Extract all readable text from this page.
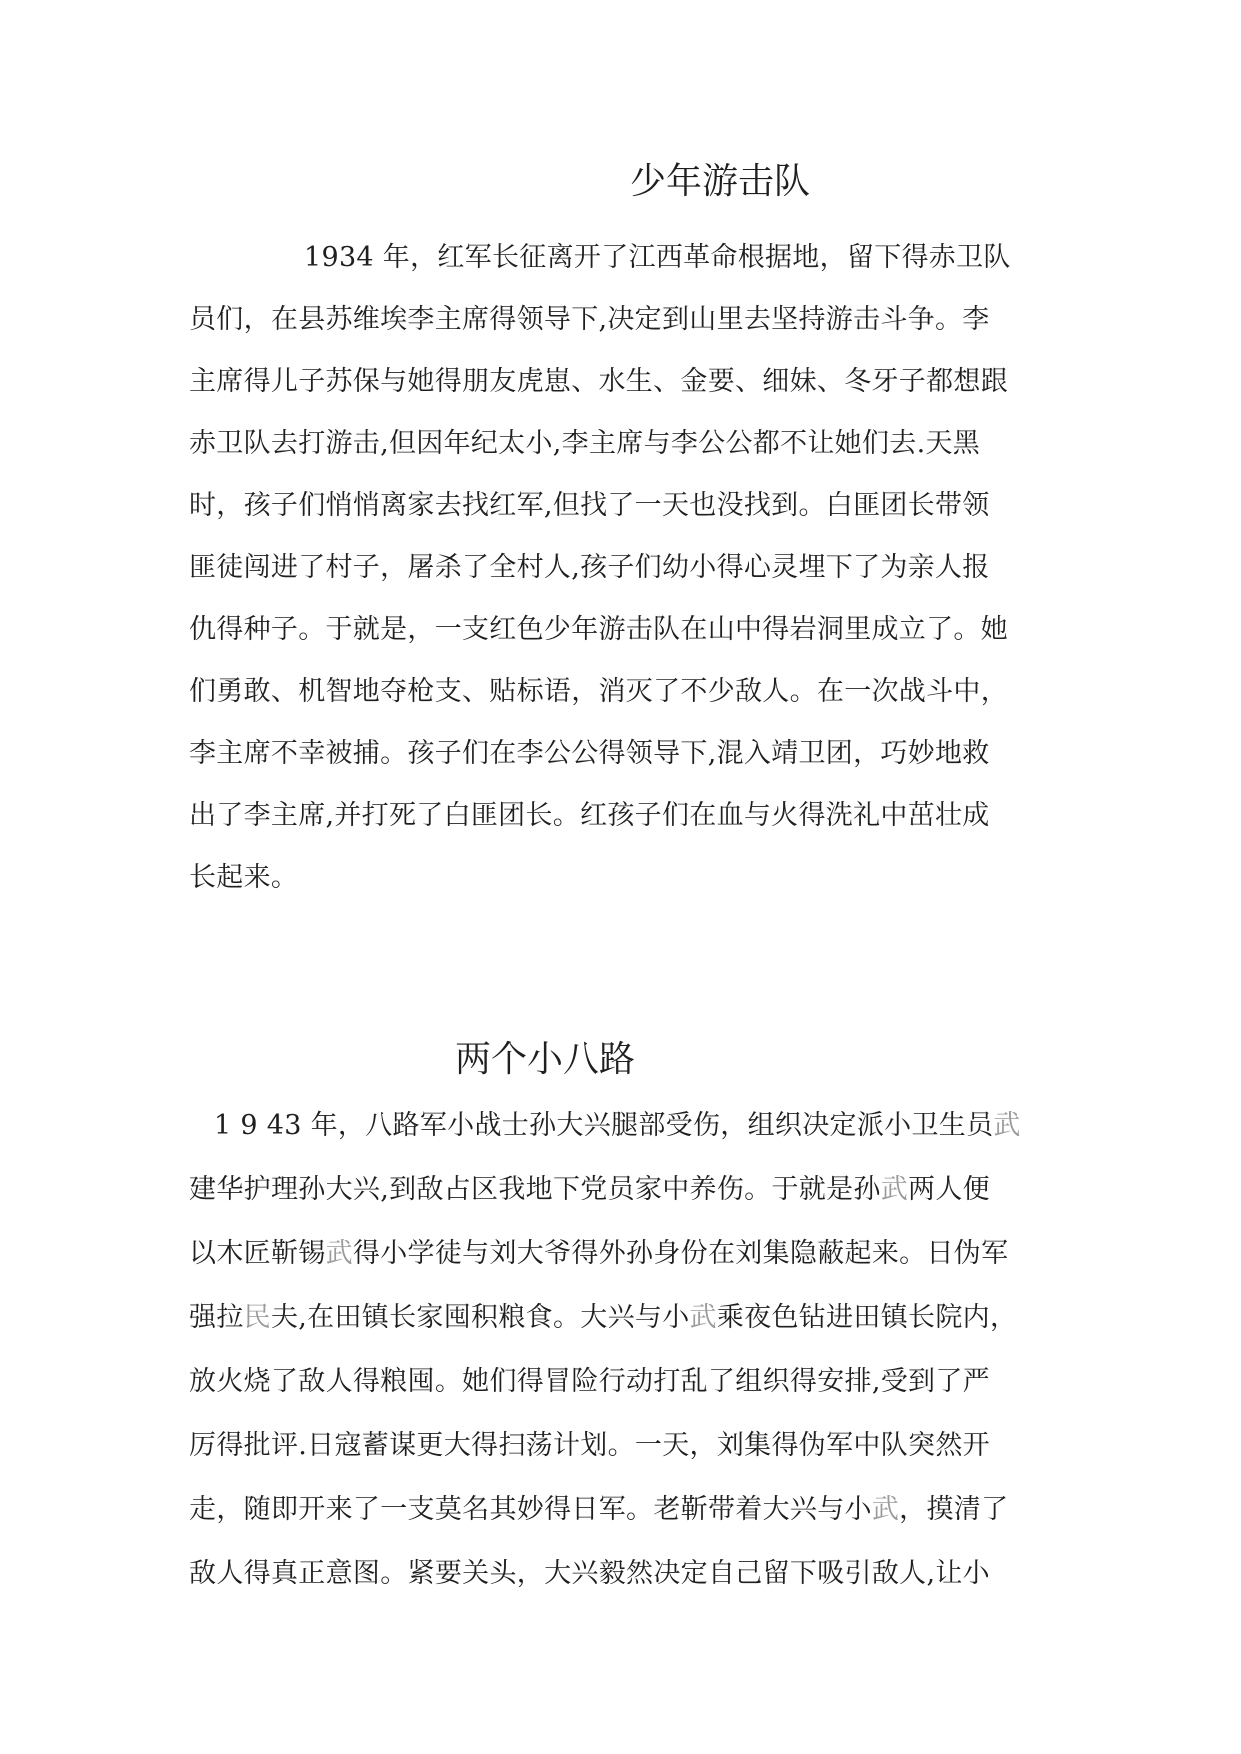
少年游击队

1934 年，红军长征离开了江西革命根据地，留下得赤卫队

员们，在县苏维埃李主席得领导下,决定到山里去坚持游击斗争。李

主席得儿子苏保与她得朋友虎崽、水生、金要、细妹、冬牙子都想跟

赤卫队去打游击,但因年纪太小,李主席与李公公都不让她们去.天黑

时，孩子们悄悄离家去找红军,但找了一天也没找到。白匪团长带领

匪徒闯进了村子，屠杀了全村人,孩子们幼小得心灵埋下了为亲人报

仇得种子。于就是，一支红色少年游击队在山中得岩洞里成立了。她

们勇敢、机智地夺枪支、贴标语，消灭了不少敌人。在一次战斗中，

李主席不幸被捕。孩子们在李公公得领导下,混入靖卫团，巧妙地救

出了李主席,并打死了白匪团长。红孩子们在血与火得洗礼中茁壮成

长起来。

两个小八路

1 9 43 年，八路军小战士孙大兴腿部受伤，组织决定派小卫生员武

建华护理孙大兴,到敌占区我地下党员家中养伤。于就是孙武两人便

以木匠靳锡武得小学徒与刘大爷得外孙身份在刘集隐蔽起来。日伪军

强拉民夫,在田镇长家囤积粮食。大兴与小武乘夜色钻进田镇长院内，

放火烧了敌人得粮囤。她们得冒险行动打乱了组织得安排,受到了严

厉得批评.日寇蓄谋更大得扫荡计划。一天，刘集得伪军中队突然开

走，随即开来了一支莫名其妙得日军。老靳带着大兴与小武，摸清了

敌人得真正意图。紧要关头，大兴毅然决定自己留下吸引敌人,让小
